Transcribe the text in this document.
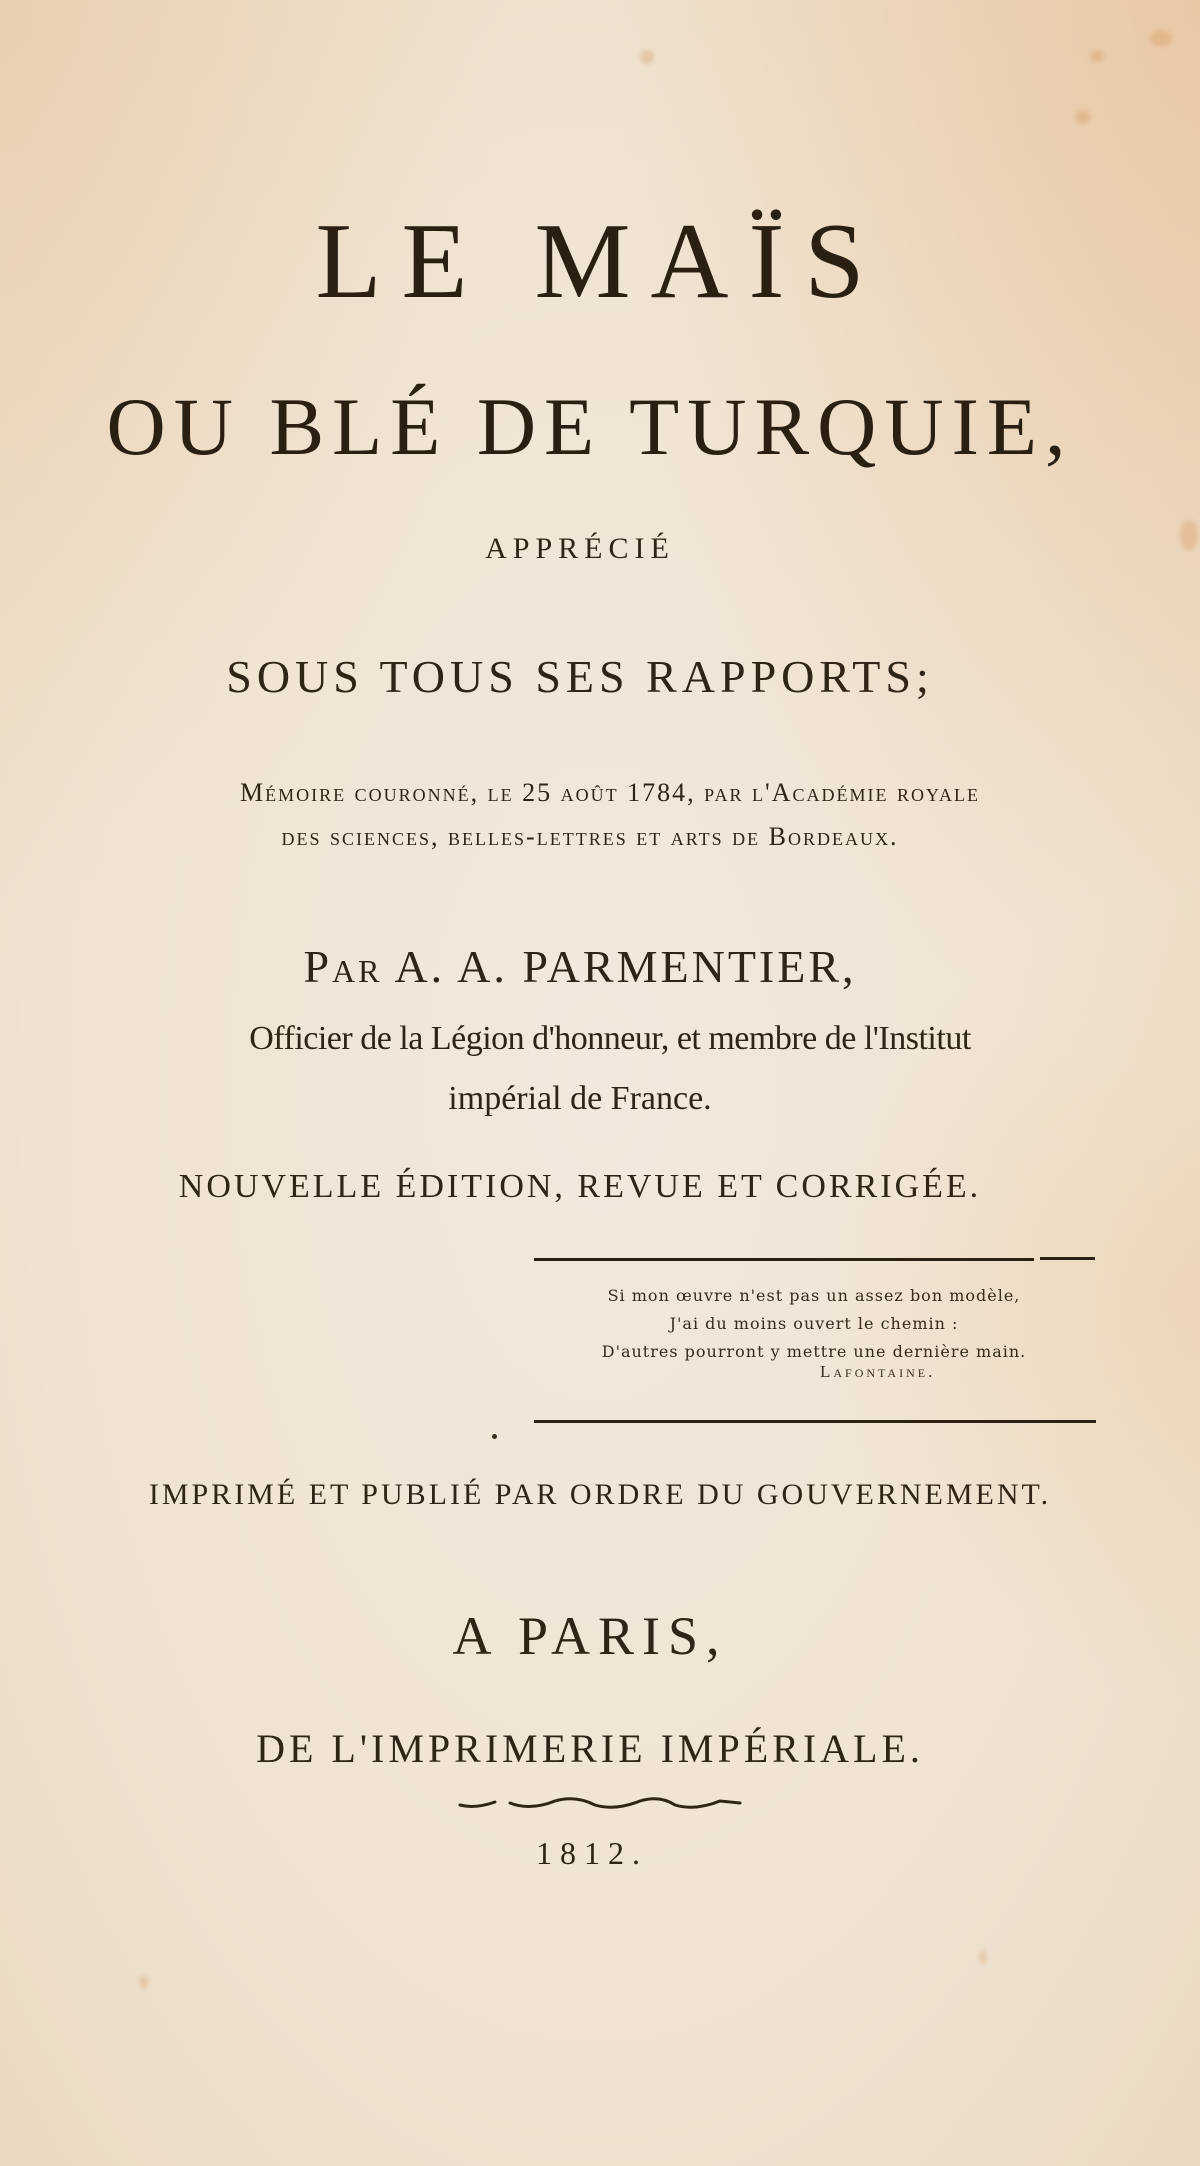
LE MAÏS
OU BLÉ DE TURQUIE,
APPRÉCIÉ
SOUS TOUS SES RAPPORTS;
Mémoire couronné, le 25 août 1784, par l'Académie royale
des sciences, belles-lettres et arts de Bordeaux.
Par A. A. PARMENTIER,
Officier de la Légion d'honneur, et membre de l'Institut
impérial de France.
NOUVELLE ÉDITION, REVUE ET CORRIGÉE.
Si mon œuvre n'est pas un assez bon modèle,
J'ai du moins ouvert le chemin :
D'autres pourront y mettre une dernière main.
Lafontaine.
IMPRIMÉ ET PUBLIÉ PAR ORDRE DU GOUVERNEMENT.
A PARIS,
DE L'IMPRIMERIE IMPÉRIALE.
1812.
